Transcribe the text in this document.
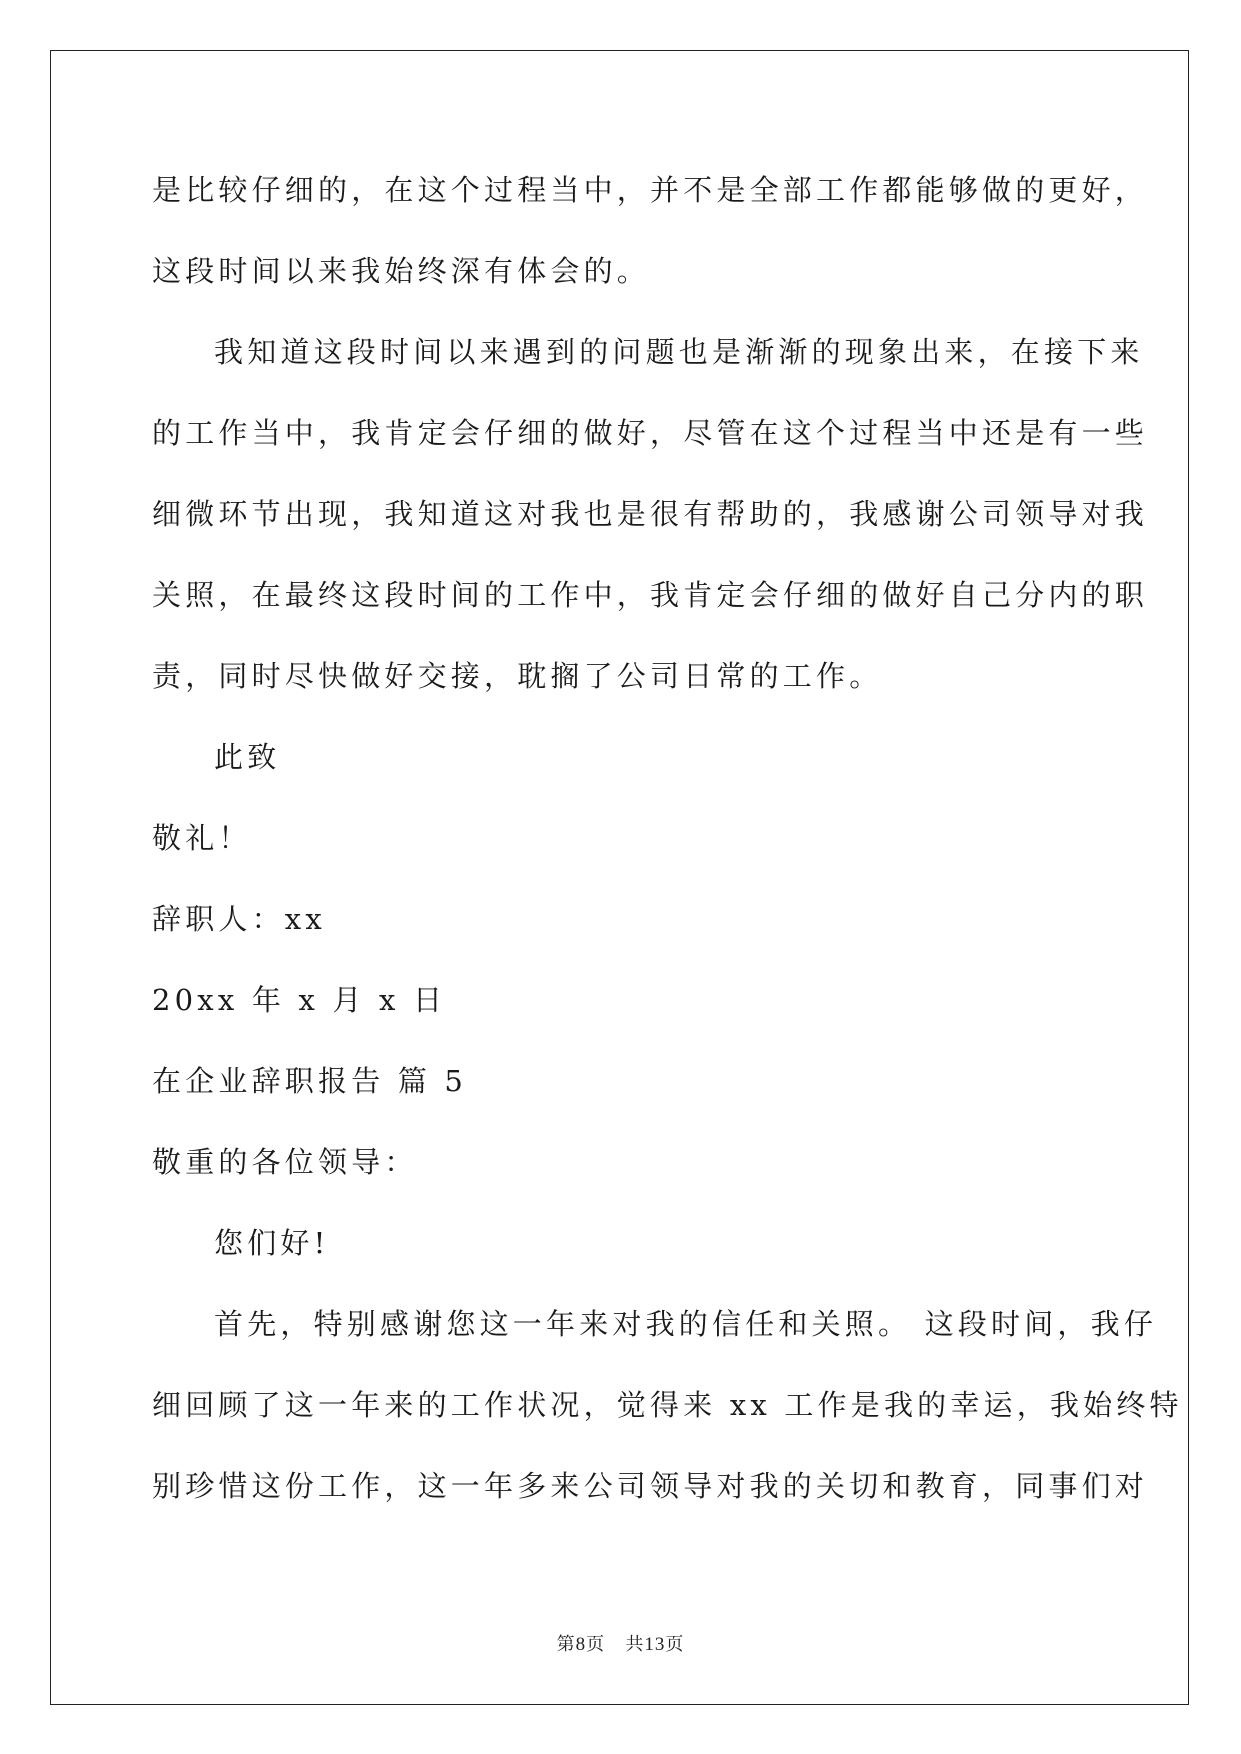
是比较仔细的，在这个过程当中，并不是全部工作都能够做的更好，
这段时间以来我始终深有体会的。
我知道这段时间以来遇到的问题也是渐渐的现象出来，在接下来
的工作当中，我肯定会仔细的做好，尽管在这个过程当中还是有一些
细微环节出现，我知道这对我也是很有帮助的，我感谢公司领导对我
关照，在最终这段时间的工作中，我肯定会仔细的做好自己分内的职
责，同时尽快做好交接，耽搁了公司日常的工作。
此致
敬礼！
辞职人：xx
20xx 年 x 月 x 日
在企业辞职报告 篇 5
敬重的各位领导：
您们好!
首先，特别感谢您这一年来对我的信任和关照。 这段时间，我仔
细回顾了这一年来的工作状况，觉得来 xx 工作是我的幸运，我始终特
别珍惜这份工作，这一年多来公司领导对我的关切和教育，同事们对
第8页 共13页
